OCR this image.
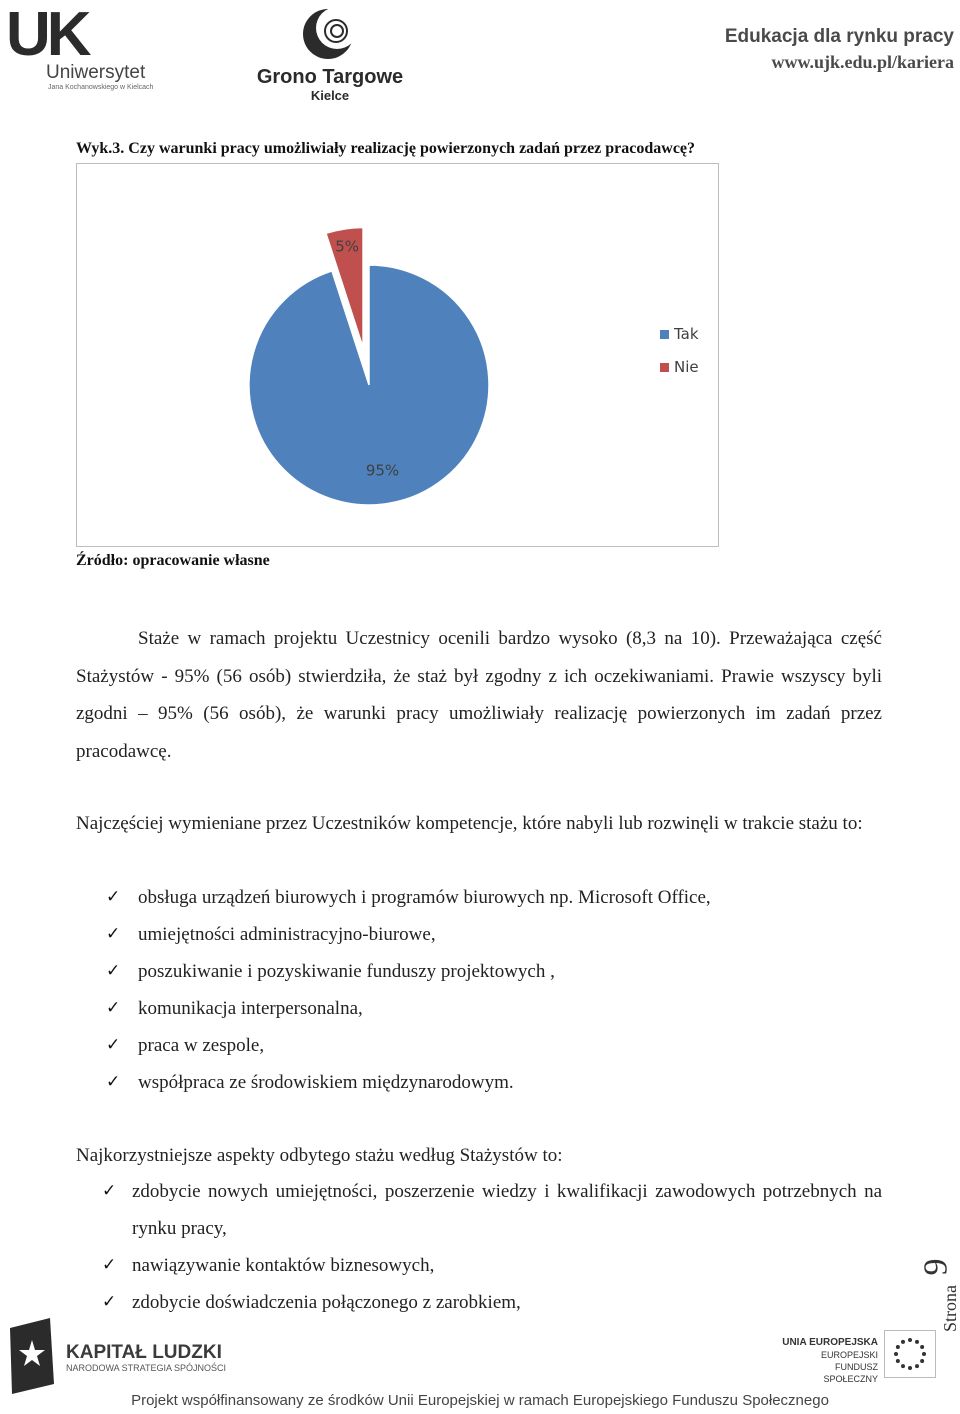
UK
Uniwersytet
Jana Kochanowskiego w Kielcach	Grono Targowe
Kielce
Edukacja dla rynku pracy
www.ujk.edu.pl/kariera
Wyk.3. Czy warunki pracy umożliwiały realizację powierzonych zadań przez pracodawcę?
95%
5%
Tak
Nie
Źródło: opracowanie własne
Staże w ramach projektu Uczestnicy ocenili bardzo wysoko (8,3 na 10). Przeważająca część Stażystów - 95% (56 osób) stwierdziła, że staż był zgodny z ich oczekiwaniami. Prawie wszyscy byli zgodni – 95% (56 osób), że warunki pracy umożliwiały realizację powierzonych im zadań przez pracodawcę.
Najczęściej wymieniane przez Uczestników kompetencje, które nabyli lub rozwinęli w trakcie stażu to:
✓ obsługa urządzeń biurowych i programów biurowych np. Microsoft Office,
✓ umiejętności administracyjno-biurowe,
✓ poszukiwanie i pozyskiwanie funduszy projektowych ,
✓ komunikacja interpersonalna,
✓ praca w zespole,
✓ współpraca ze środowiskiem międzynarodowym.
Najkorzystniejsze aspekty odbytego stażu według Stażystów to:
✓ zdobycie nowych umiejętności, poszerzenie wiedzy i kwalifikacji zawodowych potrzebnych na rynku pracy,
✓ nawiązywanie kontaktów biznesowych,
✓ zdobycie doświadczenia połączonego z zarobkiem,	Strona
9
KAPITAŁ LUDZKI
NARODOWA STRATEGIA SPÓJNOŚCI
UNIA EUROPEJSKA
EUROPEJSKI
FUNDUSZ SPOŁECZNY
Projekt współfinansowany ze środków Unii Europejskiej w ramach Europejskiego Funduszu Społecznego
